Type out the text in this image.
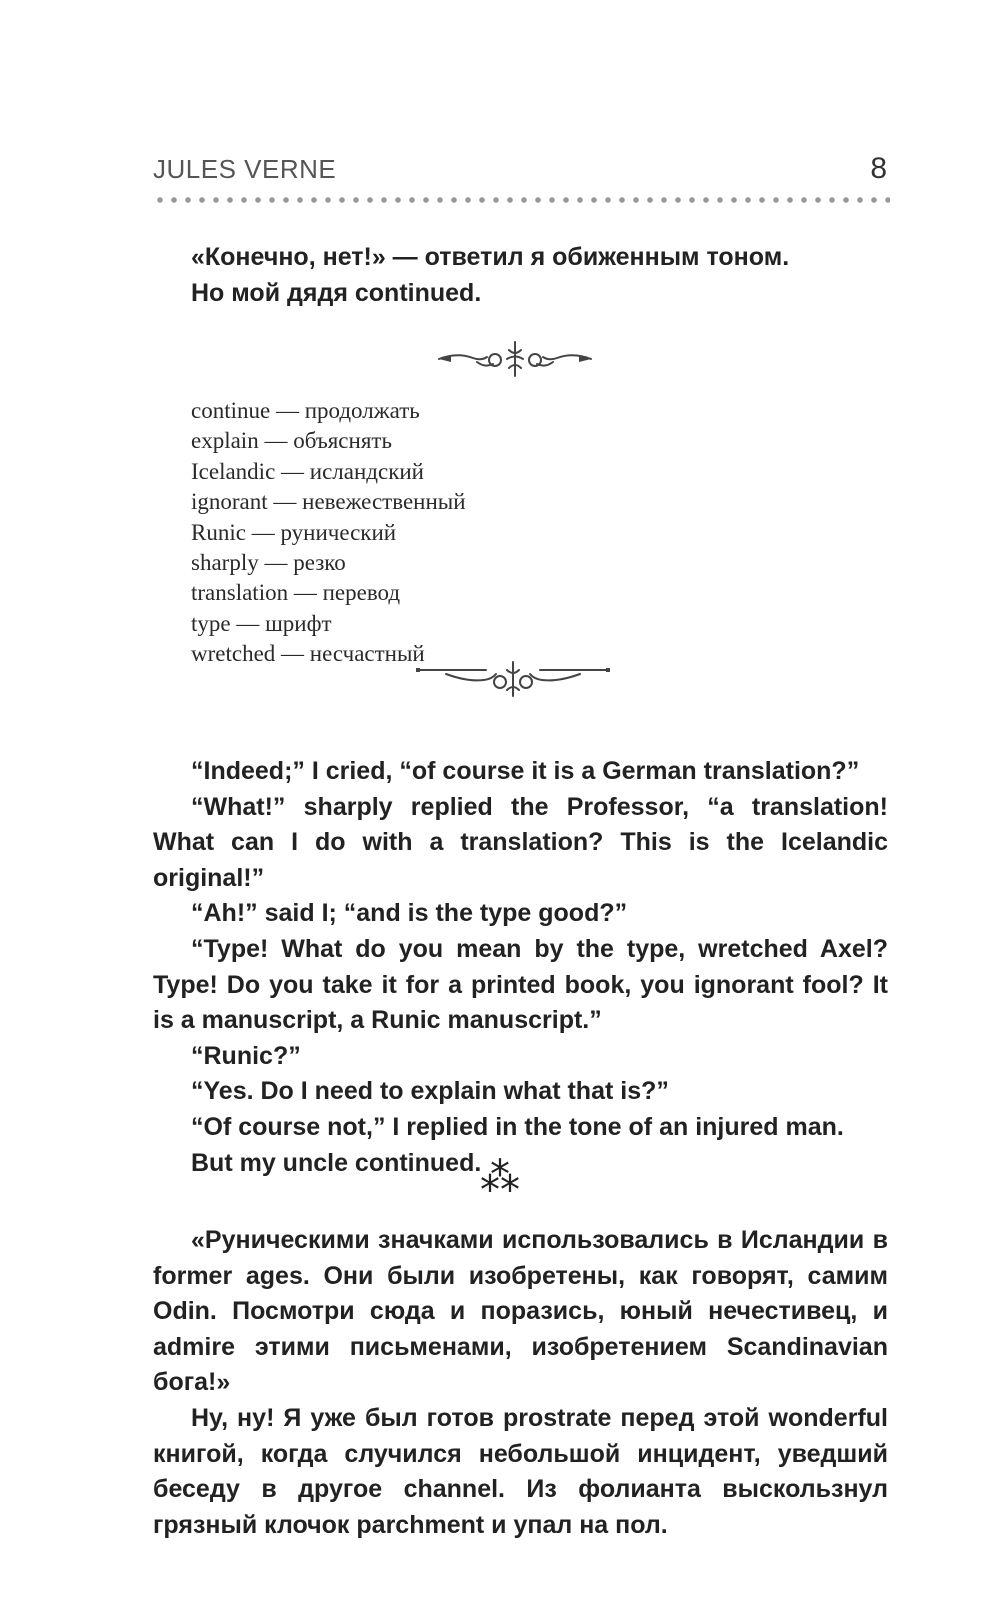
JULES VERNE	8

«Конечно, нет!» — ответил я обиженным тоном.

Но мой дядя continued.

continue — продолжать
explain — объяснять
Icelandic — исландский
ignorant — невежественный
Runic — рунический
sharply — резко
translation — перевод
type — шрифт
wretched — несчастный

“Indeed;” I cried, “of course it is a German translation?”

“What!” sharply replied the Professor, “a translation! What can I do with a translation? This is the Icelandic original!”

“Ah!” said I; “and is the type good?”

“Type! What do you mean by the type, wretched Axel? Type! Do you take it for a printed book, you ignorant fool? It is a manuscript, a Runic manuscript.”

“Runic?”

“Yes. Do I need to explain what that is?”

“Of course not,” I replied in the tone of an injured man.

But my uncle continued.

⁂

«Руническими значками использовались в Исландии в former ages. Они были изобретены, как говорят, самим Odin. Посмотри сюда и поразись, юный нечестивец, и admire этими письменами, изобретением Scandinavian бога!»

Ну, ну! Я уже был готов prostrate перед этой wonderful книгой, когда случился небольшой инцидент, уведший беседу в другое channel. Из фолианта выскользнул грязный клочок parchment и упал на пол.
